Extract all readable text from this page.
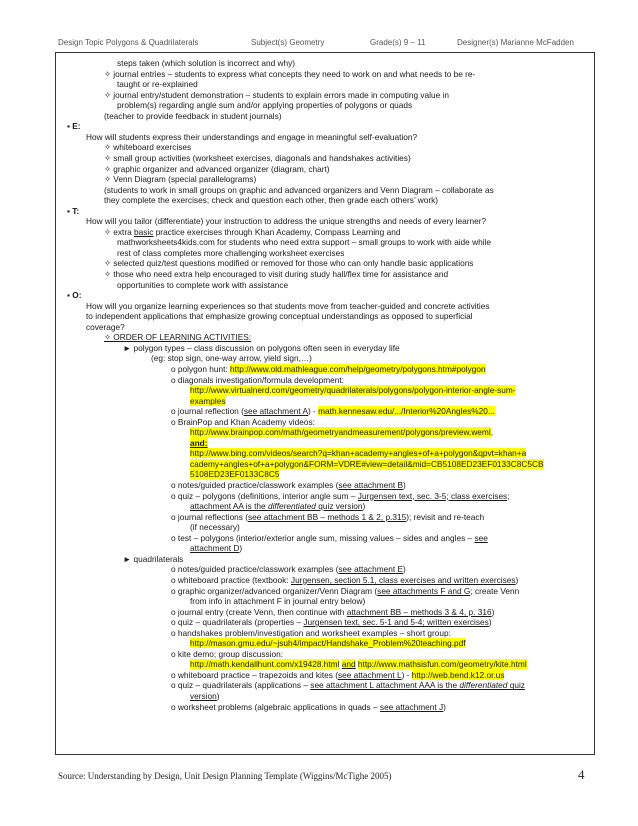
Design Topic Polygons & Quadrilaterals	Subject(s) Geometry	Grade(s) 9 – 11	Designer(s) Marianne McFadden
steps taken (which solution is incorrect and why)
✧ journal entries – students to express what concepts they need to work on and what needs to be re-
taught or re-explained
✧ journal entry/student demonstration – students to explain errors made in computing value in
problem(s) regarding angle sum and/or applying properties of polygons or quads
(teacher to provide feedback in student journals)
▪ E:
How will students express their understandings and engage in meaningful self-evaluation?
✧ whiteboard exercises
✧ small group activities (worksheet exercises, diagonals and handshakes activities)
✧ graphic organizer and advanced organizer (diagram, chart)
✧ Venn Diagram (special parallelograms)
(students to work in small groups on graphic and advanced organizers and Venn Diagram – collaborate as
they complete the exercises; check and question each other, then grade each others’ work)
▪ T:
How will you tailor (differentiate) your instruction to address the unique strengths and needs of every learner?
✧ extra basic practice exercises through Khan Academy, Compass Learning and
mathworksheets4kids.com for students who need extra support – small groups to work with aide while
rest of class completes more challenging worksheet exercises
✧ selected quiz/test questions modified or removed for those who can only handle basic applications
✧ those who need extra help encouraged to visit during study hall/flex time for assistance and
opportunities to complete work with assistance
▪ O:
How will you organize learning experiences so that students move from teacher-guided and concrete activities
to independent applications that emphasize growing conceptual understandings as opposed to superficial
coverage?
✧ ORDER OF LEARNING ACTIVITIES:
► polygon types – class discussion on polygons often seen in everyday life
(eg: stop sign, one-way arrow, yield sign,…)
o polygon hunt: http://www.old.mathleague.com/help/geometry/polygons.htm#polygon
o diagonals investigation/formula development:
http://www.virtualnerd.com/geometry/quadrilaterals/polygons/polygon-interior-angle-sum-
examples
o journal reflection (see attachment A) - math.kennesaw.edu/.../Interior%20Angles%20...
o BrainPop and Khan Academy videos:
http://www.brainpop.com/math/geometryandmeasurement/polygons/preview.weml,
and:
http://www.bing.com/videos/search?q=khan+academy+angles+of+a+polygon&qpvt=khan+a
cademy+angles+of+a+polygon&FORM=VDRE#view=detail&mid=CB5108ED23EF0133C8C5CB
5108ED23EF0133C8C5
o notes/guided practice/classwork examples (see attachment B)
o quiz – polygons (definitions, interior angle sum – Jurgensen text, sec. 3-5; class exercises;
attachment AA is the differentiated quiz version)
o journal reflections (see attachment BB – methods 1 & 2, p.315); revisit and re-teach
(if necessary)
o test – polygons (interior/exterior angle sum, missing values – sides and angles – see
attachment D)
► quadrilaterals
o notes/guided practice/classwork examples (see attachment E)
o whiteboard practice (textbook: Jurgensen, section 5.1, class exercises and written exercises)
o graphic organizer/advanced organizer/Venn Diagram (see attachments F and G; create Venn
from info in attachment F in journal entry below)
o journal entry (create Venn, then continue with attachment BB – methods 3 & 4, p. 316)
o quiz – quadrilaterals (properties – Jurgensen text, sec. 5-1 and 5-4; written exercises)
o handshakes problem/investigation and worksheet examples – short group:
http://mason.gmu.edu/~jsuh4/impact/Handshake_Problem%20teaching.pdf
o kite demo; group discussion:
http://math.kendallhunt.com/x19428.html and http://www.mathsisfun.com/geometry/kite.html
o whiteboard practice – trapezoids and kites (see attachment L) - http://web.bend.k12.or.us
o quiz – quadrilaterals (applications – see attachment L attachment AAA is the differentiated quiz
version)
o worksheet problems (algebraic applications in quads – see attachment J)
Source: Understanding by Design, Unit Design Planning Template (Wiggins/McTighe 2005)	4
